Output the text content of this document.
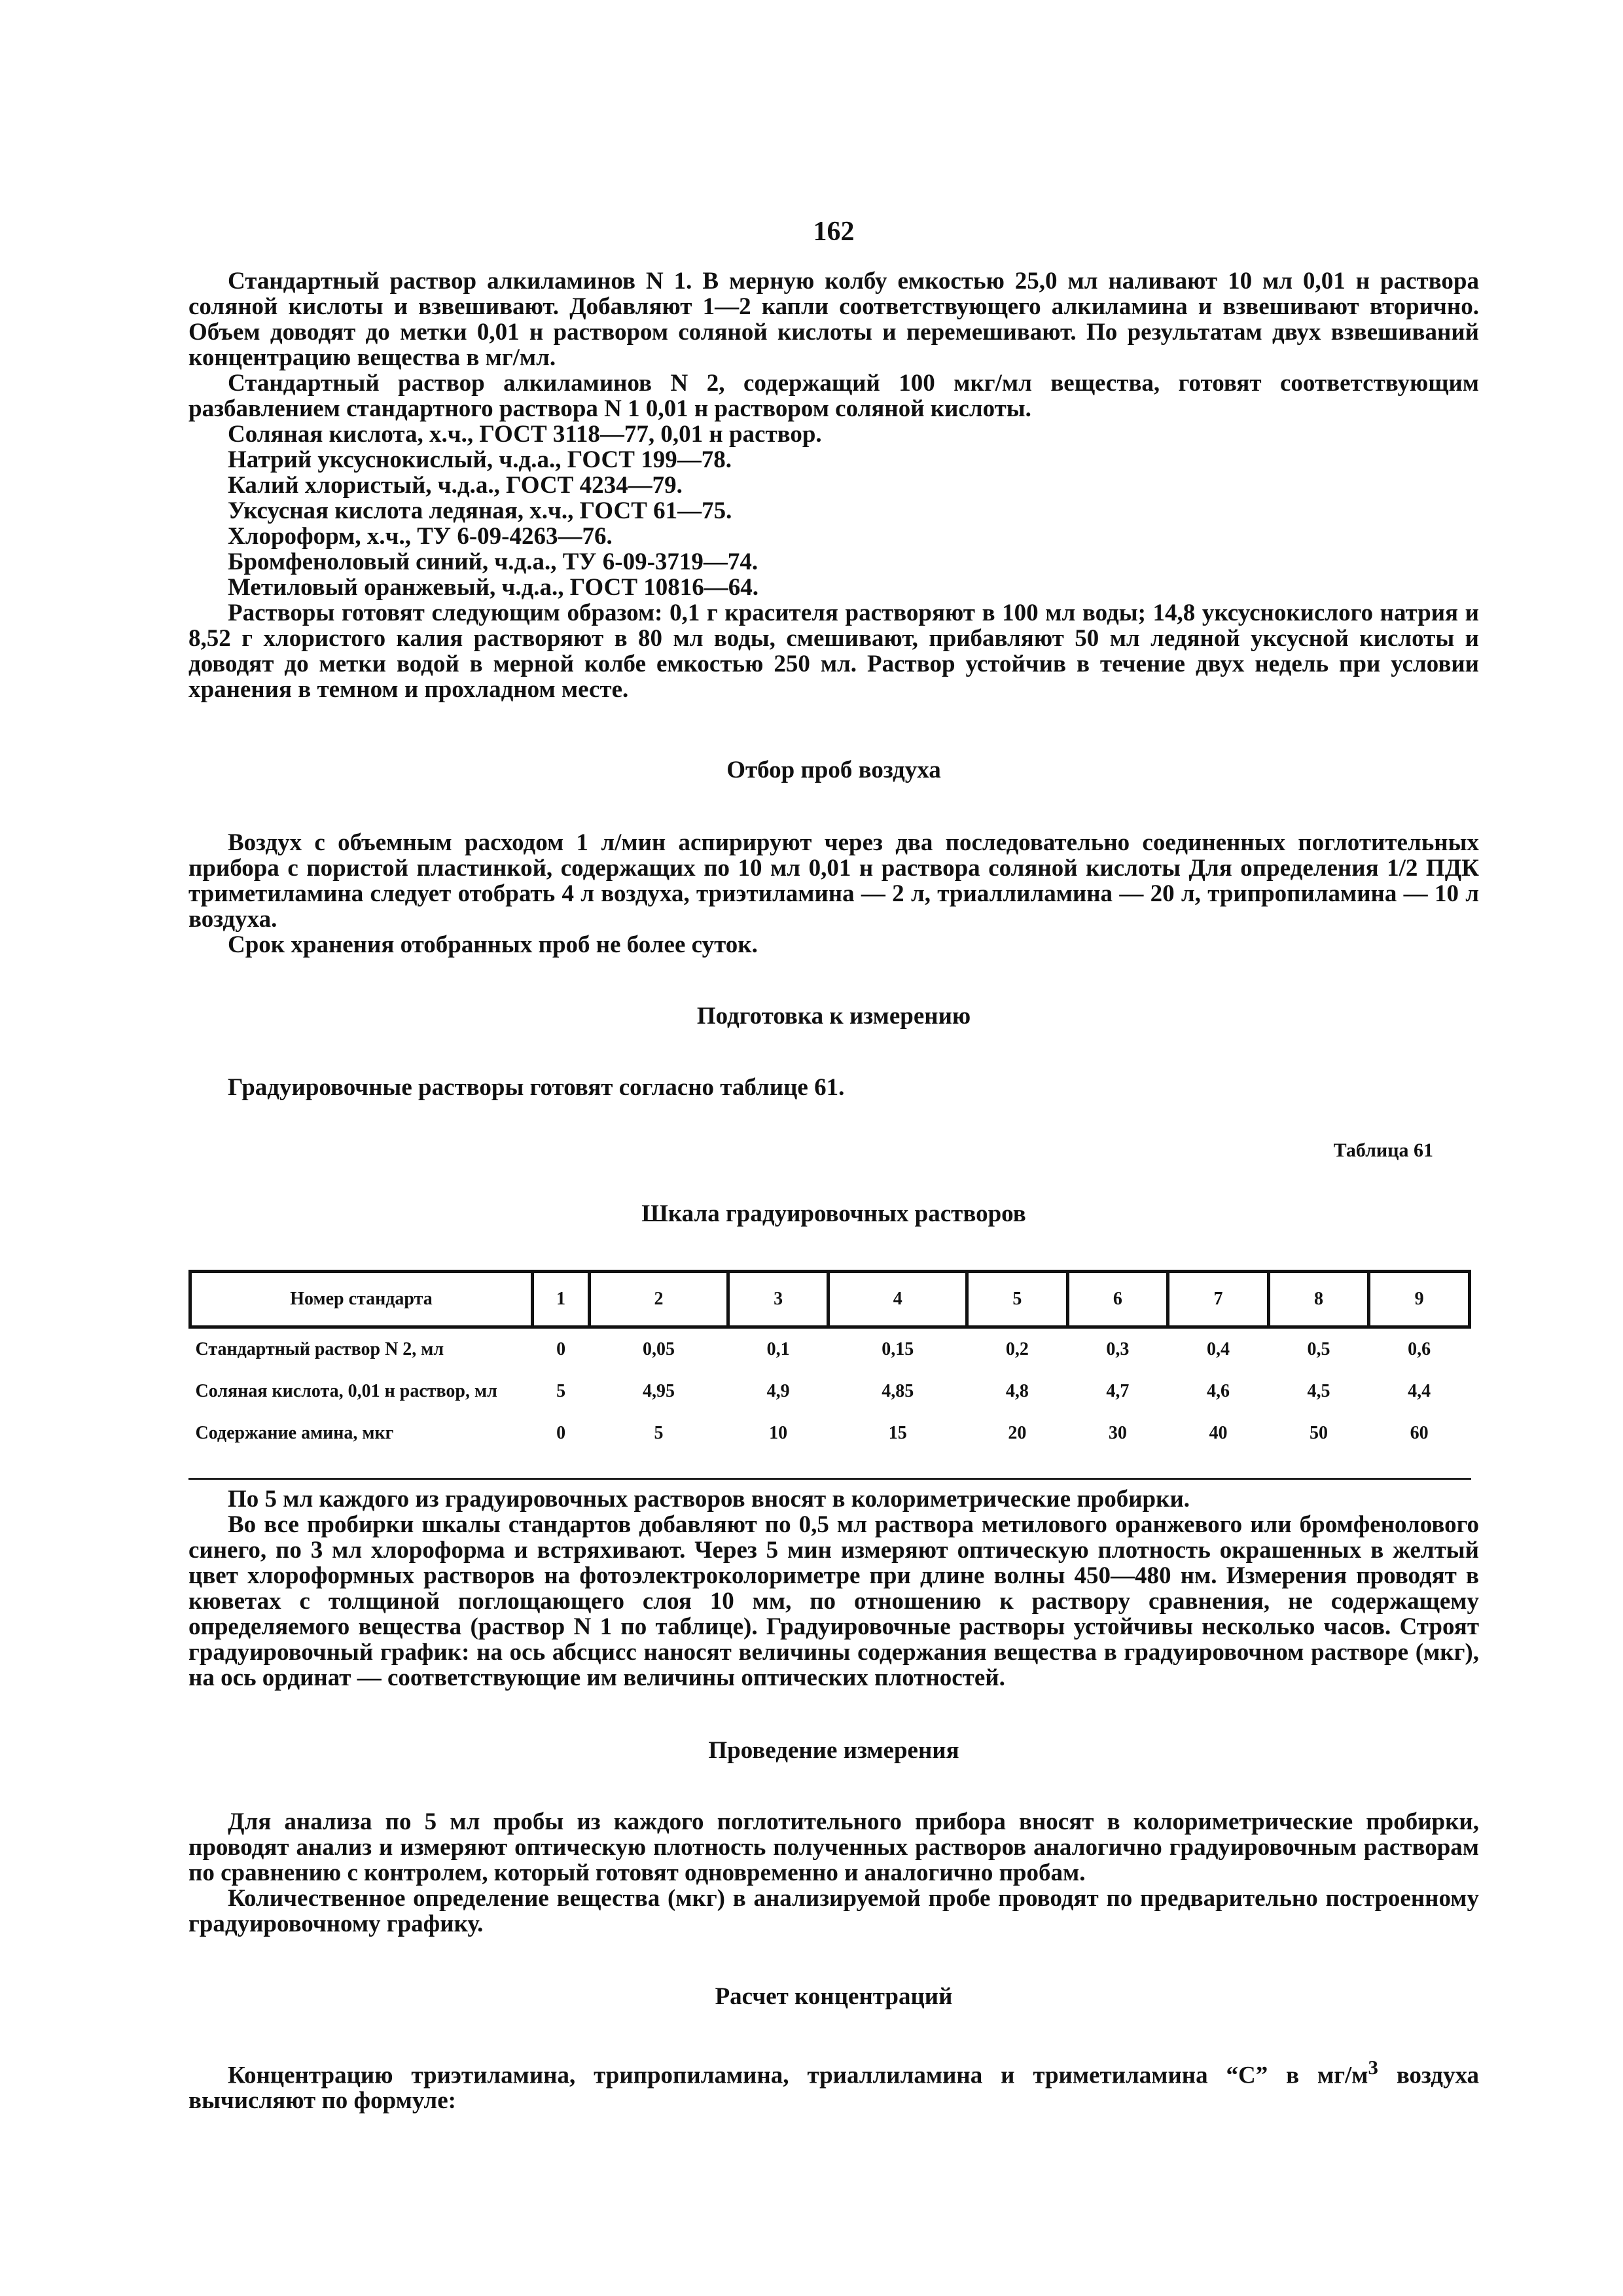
162

Стандартный раствор алкиламинов N 1. В мерную колбу емкостью 25,0 мл наливают 10 мл 0,01 н раствора соляной кислоты и взвешивают. Добавляют 1—2 капли соответствующего алкиламина и взвешивают вторично. Объем доводят до метки 0,01 н раствором соляной кислоты и перемешивают. По результатам двух взвешиваний концентрацию вещества в мг/мл.

Стандартный раствор алкиламинов N 2, содержащий 100 мкг/мл вещества, готовят соответствующим разбавлением стандартного раствора N 1 0,01 н раствором соляной кислоты.

Соляная кислота, х.ч., ГОСТ 3118—77, 0,01 н раствор.

Натрий уксуснокислый, ч.д.а., ГОСТ 199—78.

Калий хлористый, ч.д.а., ГОСТ 4234—79.

Уксусная кислота ледяная, х.ч., ГОСТ 61—75.

Хлороформ, х.ч., ТУ 6-09-4263—76.

Бромфеноловый синий, ч.д.а., ТУ 6-09-3719—74.

Метиловый оранжевый, ч.д.а., ГОСТ 10816—64.

Растворы готовят следующим образом: 0,1 г красителя растворяют в 100 мл воды; 14,8 уксуснокислого натрия и 8,52 г хлористого калия растворяют в 80 мл воды, смешивают, прибавляют 50 мл ледяной уксусной кислоты и доводят до метки водой в мерной колбе емкостью 250 мл. Раствор устойчив в течение двух недель при условии хранения в темном и прохладном месте.

Отбор проб воздуха

Воздух с объемным расходом 1 л/мин аспирируют через два последовательно соединенных поглотительных прибора с пористой пластинкой, содержащих по 10 мл 0,01 н раствора соляной кислоты Для определения 1/2 ПДК триметиламина следует отобрать 4 л воздуха, триэтиламина — 2 л, триаллиламина — 20 л, трипропиламина — 10 л воздуха.

Срок хранения отобранных проб не более суток.

Подготовка к измерению

Градуировочные растворы готовят согласно таблице 61.

Таблица 61

Шкала градуировочных растворов

Номер стандарта	1	2	3	4	5	6	7	8	9
Стандартный раствор N 2, мл	0	0,05	0,1	0,15	0,2	0,3	0,4	0,5	0,6
Соляная кислота, 0,01 н раствор, мл	5	4,95	4,9	4,85	4,8	4,7	4,6	4,5	4,4
Содержание амина, мкг	0	5	10	15	20	30	40	50	60

По 5 мл каждого из градуировочных растворов вносят в колориметрические пробирки.

Во все пробирки шкалы стандартов добавляют по 0,5 мл раствора метилового оранжевого или бромфенолового синего, по 3 мл хлороформа и встряхивают. Через 5 мин измеряют оптическую плотность окрашенных в желтый цвет хлороформных растворов на фотоэлектроколориметре при длине волны 450—480 нм. Измерения проводят в кюветах с толщиной поглощающего слоя 10 мм, по отношению к раствору сравнения, не содержащему определяемого вещества (раствор N 1 по таблице). Градуировочные растворы устойчивы несколько часов. Строят градуировочный график: на ось абсцисс наносят величины содержания вещества в градуировочном растворе (мкг), на ось ординат — соответствующие им величины оптических плотностей.

Проведение измерения

Для анализа по 5 мл пробы из каждого поглотительного прибора вносят в колориметрические пробирки, проводят анализ и измеряют оптическую плотность полученных растворов аналогично градуировочным растворам по сравнению с контролем, который готовят одновременно и аналогично пробам.

Количественное определение вещества (мкг) в анализируемой пробе проводят по предварительно построенному градуировочному графику.

Расчет концентраций

Концентрацию триэтиламина, трипропиламина, триаллиламина и триметиламина “С” в $мг/м^3$ воздуха вычисляют по формуле:
